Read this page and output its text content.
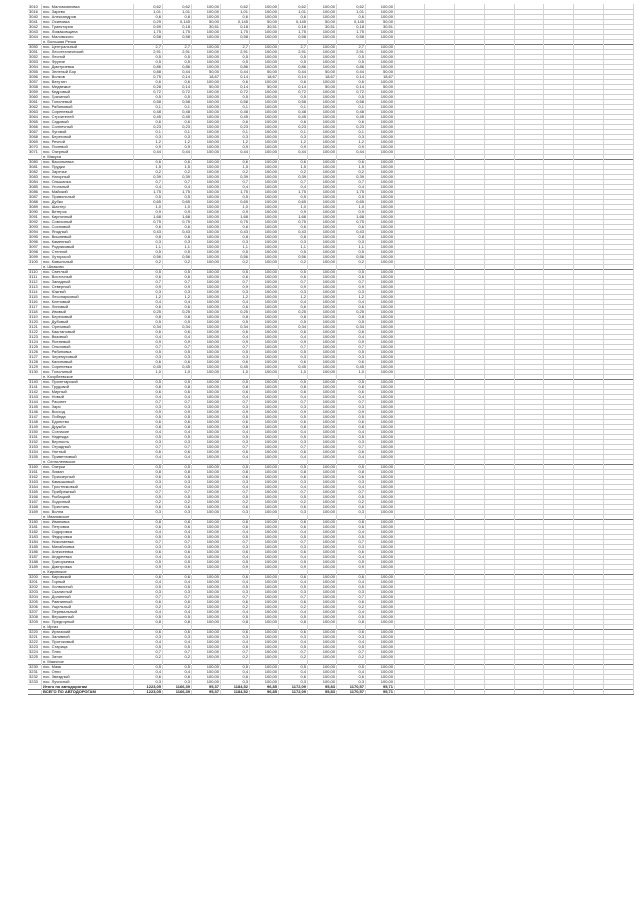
3010	пос. Маломояновка	0,62	0,62	100,00	0,62	100,00	0,62	100,00	0,62	100,00
3016	пос. Зарево	1,01	1,01	100,00	1,01	100,00	1,01	100,00	1,01	100,00
3040	пос. Александров	0,6	0,6	100,00	0,6	100,00	0,6	100,00	0,6	100,00
3041	пос. Осиновка	0,29	0,145	50,00	0,145	50,00	0,145	50,00	0,145	50,00
3042	пос. Траектория	0,59	0,18	30,51	0,18	30,51	0,18	30,51	0,18	30,51
3043	пос. Ломаковщина	1,75	1,75	100,00	1,75	100,00	1,75	100,00	1,75	100,00
3044	пос. Маловского	0,58	0,58	100,00	0,58	100,00	0,58	100,00	0,58	100,00
п. Большая Речка
3050	пос. Центральный	2,7	2,7	100,00	2,7	100,00	2,7	100,00	2,7	100,00
3051	пос. Лесотехнический	2,91	2,91	100,00	2,91	100,00	2,91	100,00	2,91	100,00
3052	пос. Лесной	0,5	0,5	100,00	0,5	100,00	0,5	100,00	0,5	100,00
3053	пос. Фрунзе	0,5	0,5	100,00	0,5	100,00	0,5	100,00	0,5	100,00
3054	пос. Дмитриевка	0,86	0,86	100,00	0,86	100,00	0,86	100,00	0,86	100,00
3055	пос. Зеленый Бор	0,88	0,44	50,00	0,44	50,00	0,44	50,00	0,44	50,00
3056	пос. Волков	0,75	0,14	18,67	0,14	18,67	0,14	18,67	0,14	18,67
3057	пос. Ватутин	0,6	0,6	100,00	0,6	100,00	0,6	100,00	0,6	100,00
3058	пос. Медвежье	0,28	0,14	50,00	0,14	50,00	0,14	50,00	0,14	50,00
3059	пос. Кедровый	0,72	0,72	100,00	0,72	100,00	0,72	100,00	0,72	100,00
3060	пос. Грачиный	0,5	0,5	100,00	0,5	100,00	0,5	100,00	0,5	100,00
3061	пос. Тополевый	0,58	0,58	100,00	0,58	100,00	0,58	100,00	0,58	100,00
3062	пос. Рябиновый	0,1	0,1	100,00	0,1	100,00	0,1	100,00	0,1	100,00
3063	пос. Сиреневый	0,48	0,48	100,00	0,48	100,00	0,48	100,00	0,48	100,00
3064	пос. Строителей	0,45	0,45	100,00	0,45	100,00	0,45	100,00	0,45	100,00
3065	пос. Садовый	0,6	0,6	100,00	0,6	100,00	0,6	100,00	0,6	100,00
3066	пос. Солнечный	0,23	0,23	100,00	0,23	100,00	0,23	100,00	0,23	100,00
3067	пос. Луговой	0,1	0,1	100,00	0,1	100,00	0,1	100,00	0,1	100,00
3068	пос. Береговой	0,3	0,3	100,00	0,3	100,00	0,3	100,00	0,3	100,00
3069	пос. Речной	1,2	1,2	100,00	1,2	100,00	1,2	100,00	1,2	100,00
3070	пос. Полевой	0,9	0,9	100,00	0,9	100,00	0,9	100,00	0,9	100,00
3071	пос. Озерный	0,44	0,44	100,00	0,44	100,00	0,44	100,00	0,44	100,00
п. Макуха
3080	пос. Васильевка	0,6	0,6	100,00	0,6	100,00	0,6	100,00	0,6	100,00
3081	пос. Прудки	1,5	1,5	100,00	1,5	100,00	1,5	100,00	1,5	100,00
3082	пос. Заречье	0,2	0,2	100,00	0,2	100,00	0,2	100,00	0,2	100,00
3083	пос. Нагорный	0,39	0,39	100,00	0,39	100,00	0,39	100,00	0,39	100,00
3084	пос. Ольшанка	0,7	0,7	100,00	0,7	100,00	0,7	100,00	0,7	100,00
3085	пос. Угольный	0,4	0,4	100,00	0,4	100,00	0,4	100,00	0,4	100,00
3086	пос. Майский	1,75	1,75	100,00	1,75	100,00	1,75	100,00	1,75	100,00
3087	пос. Привольный	0,5	0,5	100,00	0,5	100,00	0,5	100,00	0,5	100,00
3088	пос. Дубки	0,65	0,65	100,00	0,65	100,00	0,65	100,00	0,65	100,00
3089	пос. Шахтер	1,0	1,0	100,00	1,0	100,00	1,0	100,00	1,0	100,00
3090	пос. Ветерок	0,9	0,9	100,00	0,9	100,00	0,9	100,00	0,9	100,00
3091	пос. Кирпичный	1,68	1,68	100,00	1,68	100,00	1,68	100,00	1,68	100,00
3092	пос. Совхозный	0,75	0,75	100,00	0,75	100,00	0,75	100,00	0,75	100,00
3093	пос. Сосновый	0,6	0,6	100,00	0,6	100,00	0,6	100,00	0,6	100,00
3094	пос. Ягодный	0,43	0,43	100,00	0,43	100,00	0,43	100,00	0,43	100,00
3095	пос. Вишневый	0,8	0,8	100,00	0,8	100,00	0,8	100,00	0,8	100,00
3096	пос. Каменный	0,3	0,3	100,00	0,3	100,00	0,3	100,00	0,3	100,00
3097	пос. Родниковый	1,1	1,1	100,00	1,1	100,00	1,1	100,00	1,1	100,00
3098	пос. Степной	0,5	0,5	100,00	0,5	100,00	0,5	100,00	0,5	100,00
3099	пос. Хуторской	0,56	0,56	100,00	0,56	100,00	0,56	100,00	0,56	100,00
3100	пос. Ковыльный	0,2	0,2	100,00	0,2	100,00	0,2	100,00	0,2	100,00
п. Шпаково
3110	пос. Светлый	0,5	0,5	100,00	0,5	100,00	0,5	100,00	0,5	100,00
3111	пос. Восточный	0,6	0,6	100,00	0,6	100,00	0,6	100,00	0,6	100,00
3112	пос. Западный	0,7	0,7	100,00	0,7	100,00	0,7	100,00	0,7	100,00
3113	пос. Северный	0,9	0,9	100,00	0,9	100,00	0,9	100,00	0,9	100,00
3114	пос. Южный	0,3	0,3	100,00	0,3	100,00	0,3	100,00	0,3	100,00
3115	пос. Лесопарковый	1,2	1,2	100,00	1,2	100,00	1,2	100,00	1,2	100,00
3116	пос. Кленовый	0,4	0,4	100,00	0,4	100,00	0,4	100,00	0,4	100,00
3117	пос. Липовый	0,6	0,6	100,00	0,6	100,00	0,6	100,00	0,6	100,00
3118	пос. Ивовый	0,25	0,25	100,00	0,25	100,00	0,25	100,00	0,25	100,00
3119	пос. Березовый	0,8	0,8	100,00	0,8	100,00	0,8	100,00	0,8	100,00
3120	пос. Дубовый	0,5	0,5	100,00	0,5	100,00	0,5	100,00	0,5	100,00
3121	пос. Ореховый	0,34	0,34	100,00	0,34	100,00	0,34	100,00	0,34	100,00
3122	пос. Каштановый	0,6	0,6	100,00	0,6	100,00	0,6	100,00	0,6	100,00
3123	пос. Вязовый	0,4	0,4	100,00	0,4	100,00	0,4	100,00	0,4	100,00
3124	пос. Ясеневый	0,9	0,9	100,00	0,9	100,00	0,9	100,00	0,9	100,00
3125	пос. Ольховый	0,7	0,7	100,00	0,7	100,00	0,7	100,00	0,7	100,00
3126	пос. Рябиновка	0,5	0,5	100,00	0,5	100,00	0,5	100,00	0,5	100,00
3127	пос. Черемуховый	0,3	0,3	100,00	0,3	100,00	0,3	100,00	0,3	100,00
3128	пос. Калиновый	0,6	0,6	100,00	0,6	100,00	0,6	100,00	0,6	100,00
3129	пос. Сиреневка	0,45	0,45	100,00	0,45	100,00	0,45	100,00	0,45	100,00
3130	пос. Тополиный	1,0	1,0	100,00	1,0	100,00	1,0	100,00	1,0	100,00
п. Кочубеевское
3140	пос. Пролетарский	0,5	0,5	100,00	0,5	100,00	0,5	100,00	0,5	100,00
3141	пос. Трудовой	0,8	0,8	100,00	0,8	100,00	0,8	100,00	0,8	100,00
3142	пос. Мирный	0,6	0,6	100,00	0,6	100,00	0,6	100,00	0,6	100,00
3143	пос. Новый	0,4	0,4	100,00	0,4	100,00	0,4	100,00	0,4	100,00
3144	пос. Рассвет	0,7	0,7	100,00	0,7	100,00	0,7	100,00	0,7	100,00
3145	пос. Заря	0,3	0,3	100,00	0,3	100,00	0,3	100,00	0,3	100,00
3146	пос. Восход	0,9	0,9	100,00	0,9	100,00	0,9	100,00	0,9	100,00
3147	пос. Победа	0,5	0,5	100,00	0,5	100,00	0,5	100,00	0,5	100,00
3148	пос. Единство	0,6	0,6	100,00	0,6	100,00	0,6	100,00	0,6	100,00
3149	пос. Дружба	0,8	0,8	100,00	0,8	100,00	0,8	100,00	0,8	100,00
3150	пос. Согласие	0,4	0,4	100,00	0,4	100,00	0,4	100,00	0,4	100,00
3151	пос. Надежда	0,5	0,5	100,00	0,5	100,00	0,5	100,00	0,5	100,00
3152	пос. Верность	0,3	0,3	100,00	0,3	100,00	0,3	100,00	0,3	100,00
3153	пос. Отрадный	0,7	0,7	100,00	0,7	100,00	0,7	100,00	0,7	100,00
3154	пос. Уютный	0,6	0,6	100,00	0,6	100,00	0,6	100,00	0,6	100,00
3155	пос. Приветливый	0,4	0,4	100,00	0,4	100,00	0,4	100,00	0,4	100,00
п. Сенгилеевское
3160	пос. Озерки	0,5	0,5	100,00	0,5	100,00	0,5	100,00	0,5	100,00
3161	пос. Лиман	0,8	0,8	100,00	0,8	100,00	0,8	100,00	0,8	100,00
3162	пос. Приозерный	0,6	0,6	100,00	0,6	100,00	0,6	100,00	0,6	100,00
3163	пос. Камышовый	0,3	0,3	100,00	0,3	100,00	0,3	100,00	0,3	100,00
3164	пос. Тростниковый	0,4	0,4	100,00	0,4	100,00	0,4	100,00	0,4	100,00
3165	пос. Прибрежный	0,7	0,7	100,00	0,7	100,00	0,7	100,00	0,7	100,00
3166	пос. Рыбацкий	0,5	0,5	100,00	0,5	100,00	0,5	100,00	0,5	100,00
3167	пос. Лодочный	0,2	0,2	100,00	0,2	100,00	0,2	100,00	0,2	100,00
3168	пос. Пристань	0,6	0,6	100,00	0,6	100,00	0,6	100,00	0,6	100,00
3169	пос. Волна	0,3	0,3	100,00	0,3	100,00	0,3	100,00	0,3	100,00
п. Ивановское
3180	пос. Ивановка	0,8	0,8	100,00	0,8	100,00	0,8	100,00	0,8	100,00
3181	пос. Петровка	0,6	0,6	100,00	0,6	100,00	0,6	100,00	0,6	100,00
3182	пос. Сидоровка	0,4	0,4	100,00	0,4	100,00	0,4	100,00	0,4	100,00
3183	пос. Федоровка	0,5	0,5	100,00	0,5	100,00	0,5	100,00	0,5	100,00
3184	пос. Николаевка	0,7	0,7	100,00	0,7	100,00	0,7	100,00	0,7	100,00
3185	пос. Михайловка	0,3	0,3	100,00	0,3	100,00	0,3	100,00	0,3	100,00
3186	пос. Алексеевка	0,6	0,6	100,00	0,6	100,00	0,6	100,00	0,6	100,00
3187	пос. Андреевка	0,4	0,4	100,00	0,4	100,00	0,4	100,00	0,4	100,00
3188	пос. Григорьевка	0,5	0,5	100,00	0,5	100,00	0,5	100,00	0,5	100,00
3189	пос. Дмитровка	0,9	0,9	100,00	0,9	100,00	0,9	100,00	0,9	100,00
п. Кировское
3200	пос. Кировский	0,6	0,6	100,00	0,6	100,00	0,6	100,00	0,6	100,00
3201	пос. Горный	0,4	0,4	100,00	0,4	100,00	0,4	100,00	0,4	100,00
3202	пос. Холмистый	0,5	0,5	100,00	0,5	100,00	0,5	100,00	0,5	100,00
3203	пос. Скалистый	0,3	0,3	100,00	0,3	100,00	0,3	100,00	0,3	100,00
3204	пос. Долинный	0,7	0,7	100,00	0,7	100,00	0,7	100,00	0,7	100,00
3205	пос. Равнинный	0,6	0,6	100,00	0,6	100,00	0,6	100,00	0,6	100,00
3206	пос. Ущельный	0,2	0,2	100,00	0,2	100,00	0,2	100,00	0,2	100,00
3207	пос. Перевальный	0,4	0,4	100,00	0,4	100,00	0,4	100,00	0,4	100,00
3208	пос. Вершинный	0,5	0,5	100,00	0,5	100,00	0,5	100,00	0,5	100,00
3209	пос. Предгорный	0,8	0,8	100,00	0,8	100,00	0,8	100,00	0,8	100,00
п. Иргиз
3220	пос. Иргизский	0,6	0,6	100,00	0,6	100,00	0,6	100,00	0,6	100,00
3221	пос. Заливной	0,3	0,3	100,00	0,3	100,00	0,3	100,00	0,3	100,00
3222	пос. Протоковый	0,4	0,4	100,00	0,4	100,00	0,4	100,00	0,4	100,00
3223	пос. Старица	0,5	0,5	100,00	0,5	100,00	0,5	100,00	0,5	100,00
3224	пос. Плес	0,7	0,7	100,00	0,7	100,00	0,7	100,00	0,7	100,00
3225	пос. Затон	0,2	0,2	100,00	0,2	100,00	0,2	100,00	0,2	100,00
п. Маячное
3230	пос. Маяк	0,5	0,5	100,00	0,5	100,00	0,5	100,00	0,5	100,00
3231	пос. Огни	0,4	0,4	100,00	0,4	100,00	0,4	100,00	0,4	100,00
3232	пос. Звездный	0,6	0,6	100,00	0,6	100,00	0,6	100,00	0,6	100,00
3233	пос. Лучистый	0,3	0,3	100,00	0,3	100,00	0,3	100,00	0,3	100,00
Итого по автодорогам	1223,05	1166,39	95,37	1184,52	96,85	1172,09	95,83	1170,57	95,71
ВСЕГО ПО АВТОДОРОГАМ	1223,05	1166,39	95,37	1184,52	96,85	1172,09	95,83	1170,57	95,71
